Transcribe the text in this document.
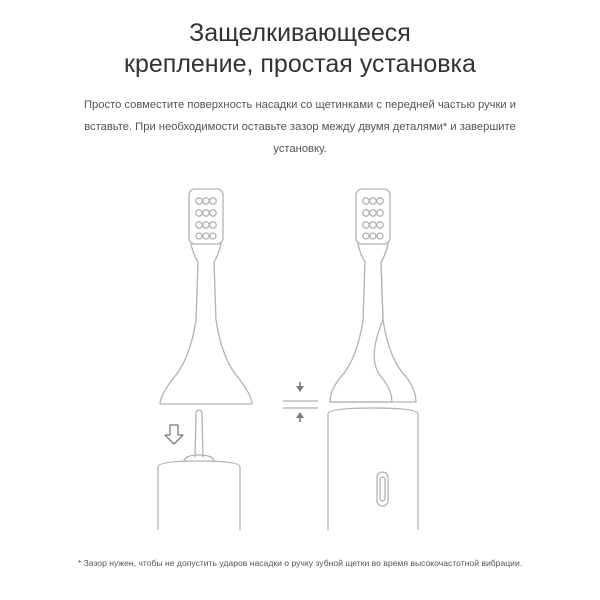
Защелкивающееся
крепление, простая установка
Просто совместите поверхность насадки со щетинками с передней частью ручки и
вставьте. При необходимости оставьте зазор между двумя деталями* и завершите
установку.
* Зазор нужен, чтобы не допустить ударов насадки о ручку зубной щетки во время высокочастотной вибрации.
